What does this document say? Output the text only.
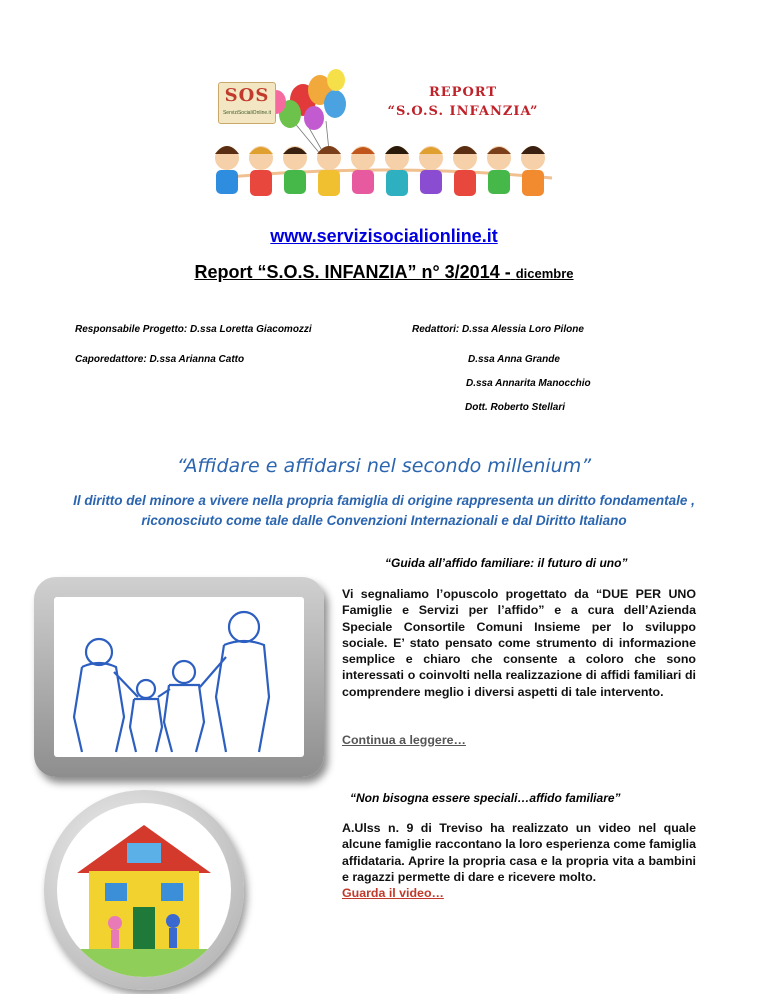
SOS
ServiziSocialiOnline.it
REPORT
“S.O.S. INFANZIA”
www.servizisocialionline.it
Report “S.O.S. INFANZIA” n° 3/2014 - dicembre
Responsabile Progetto: D.ssa Loretta Giacomozzi
Caporedattore: D.ssa Arianna Catto
Redattori: D.ssa Alessia Loro Pilone
D.ssa Anna Grande
D.ssa Annarita Manocchio
Dott. Roberto Stellari
“Affidare e affidarsi nel secondo millenium”
Il diritto del minore a vivere nella propria famiglia di origine rappresenta un diritto fondamentale , riconosciuto come tale dalle Convenzioni Internazionali e dal Diritto Italiano
“Guida all’affido familiare: il futuro di uno”
Vi segnaliamo l’opuscolo progettato da “DUE PER UNO Famiglie e Servizi per l’affido” e a cura dell’Azienda Speciale Consortile Comuni Insieme per lo sviluppo sociale. E’ stato pensato come strumento di informazione semplice e chiaro che consente a coloro che sono interessati o coinvolti nella realizzazione di affidi familiari di comprendere meglio i diversi aspetti di tale intervento.
Continua a leggere…
“Non bisogna essere speciali…affido familiare”
A.Ulss n. 9 di Treviso ha realizzato un video nel quale alcune famiglie raccontano la loro esperienza come famiglia affidataria. Aprire la propria casa e la propria vita a bambini e ragazzi permette di dare e ricevere molto.
Guarda il video…
